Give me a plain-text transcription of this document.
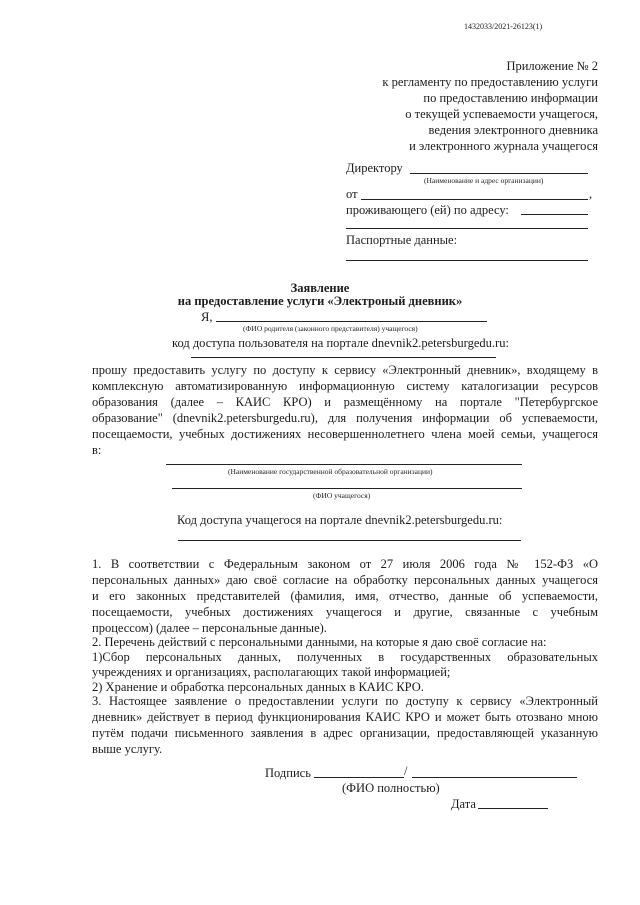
1432033/2021-26123(1)
Приложение № 2
к регламенту по предоставлению услуги
по предоставлению информации
о текущей успеваемости учащегося,
ведения электронного дневника
и электронного журнала учащегося
Директору
(Наименование и адрес организации)
от	,
проживающего (ей) по адресу:
Паспортные данные:
Заявление
на предоставление услуги «Электроный дневник»
Я,
(ФИО родителя (законного представителя) учащегося)
код доступа пользователя на портале dnevnik2.petersburgedu.ru:
прошу предоставить услугу по доступу к сервису «Электронный дневник», входящему в
комплексную автоматизированную информационную систему каталогизации ресурсов
образования (далее – КАИС КРО) и размещённому на портале "Петербургское
образование" (dnevnik2.petersburgedu.ru), для получения информации об успеваемости,
посещаемости, учебных достижениях несовершеннолетнего члена моей семьи, учащегося
в:
(Наименование государственной образовательной организации)
(ФИО учащегося)
Код доступа учащегося на портале dnevnik2.petersburgedu.ru:
1. В соответствии с Федеральным законом от 27 июля 2006 года № 152-ФЗ «О
персональных данных» даю своё согласие на обработку персональных данных учащегося
и его законных представителей (фамилия, имя, отчество, данные об успеваемости,
посещаемости, учебных достижениях учащегося и другие, связанные с учебным
процессом) (далее – персональные данные).
2. Перечень действий с персональными данными, на которые я даю своё согласие на:
1)Сбор персональных данных, полученных в государственных образовательных
учреждениях и организациях, располагающих такой информацией;
2) Хранение и обработка персональных данных в КАИС КРО.
3. Настоящее заявление о предоставлении услуги по доступу к сервису «Электронный
дневник» действует в период функционирования КАИС КРО и может быть отозвано мною
путём подачи письменного заявления в адрес организации, предоставляющей указанную
выше услугу.
Подпись	/
(ФИО полностью)
Дата
